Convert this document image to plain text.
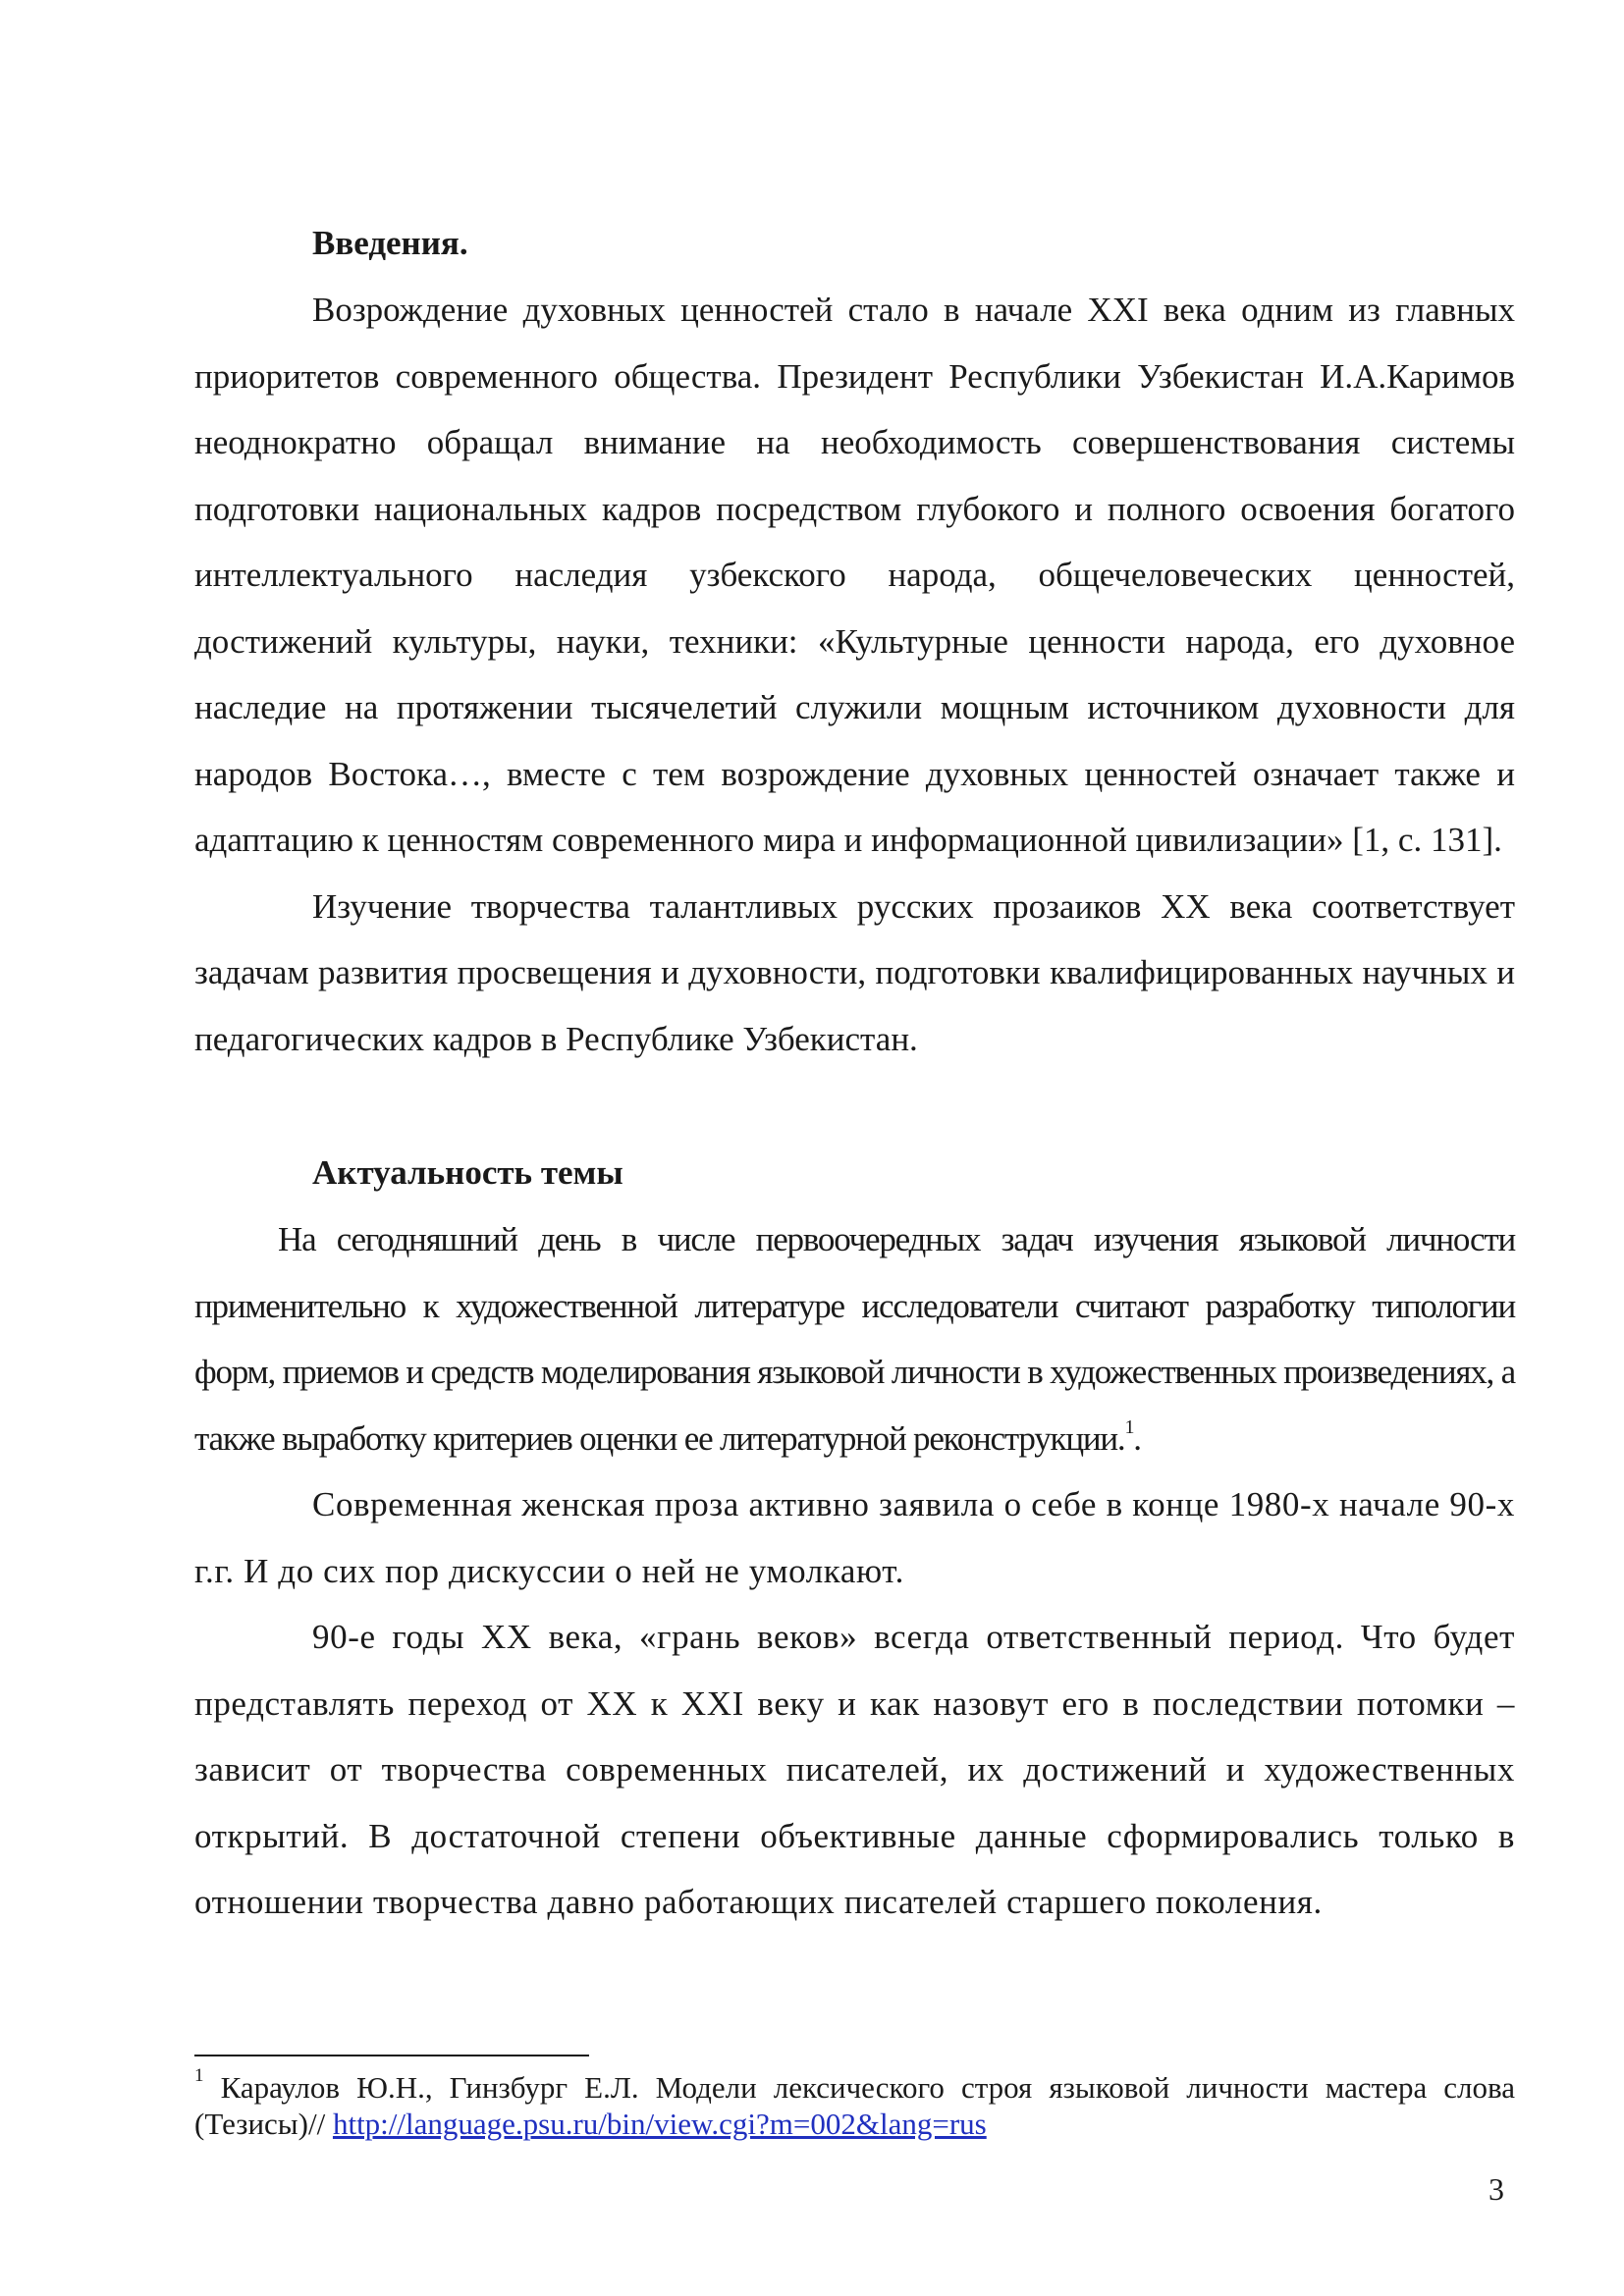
Введения.

Возрождение духовных ценностей стало в начале XXI века одним из главных приоритетов современного общества. Президент Республики Узбекистан И.А.Каримов неоднократно обращал внимание на необходимость совершенствования системы подготовки национальных кадров посредством глубокого и полного освоения богатого интеллектуального наследия узбекского народа, общечеловеческих ценностей, достижений культуры, науки, техники: «Культурные ценности народа, его духовное наследие на протяжении тысячелетий служили мощным источником духовности для народов Востока…, вместе с тем возрождение духовных ценностей означает также и адаптацию к ценностям современного мира и информационной цивилизации» [1, с. 131].

Изучение творчества талантливых русских прозаиков ХХ века соответствует задачам развития просвещения и духовности, подготовки квалифицированных научных и педагогических кадров в Республике Узбекистан.

Актуальность темы

На сегодняшний день в числе первоочередных задач изучения языковой личности применительно к художественной литературе исследователи считают разработку типологии форм, приемов и средств моделирования языковой личности в художественных произведениях, а также выработку критериев оценки ее литературной реконструкции.$^1$.

Современная женская проза активно заявила о себе в конце 1980-х начале 90-х г.г. И до сих пор дискуссии о ней не умолкают.

90-е годы ХХ века, «грань веков» всегда ответственный период. Что будет представлять переход от ХХ к XXI веку и как назовут его в последствии потомки – зависит от творчества современных писателей, их достижений и художественных открытий. В достаточной степени объективные данные сформировались только в отношении творчества давно работающих писателей старшего поколения.

$^1$ Караулов Ю.Н., Гинзбург Е.Л. Модели лексического строя языковой личности мастера слова (Тезисы)// http://language.psu.ru/bin/view.cgi?m=002&lang=rus

3
